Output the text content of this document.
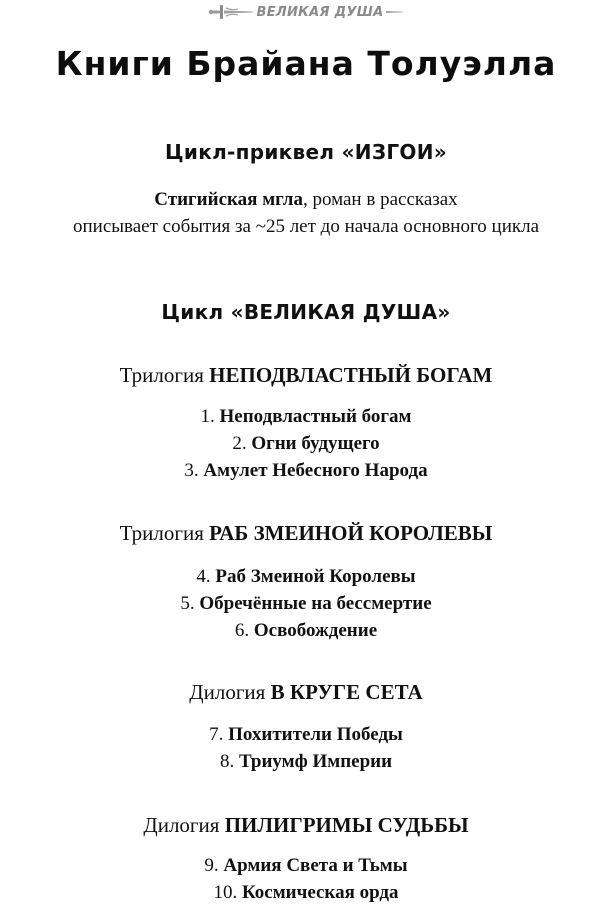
ВЕЛИКАЯ ДУША
Книги Брайана Толуэлла
Цикл-приквел «ИЗГОИ»
Стигийская мгла, роман в рассказах
описывает события за ~25 лет до начала основного цикла
Цикл «ВЕЛИКАЯ ДУША»
Трилогия НЕПОДВЛАСТНЫЙ БОГАМ
1. Неподвластный богам
2. Огни будущего
3. Амулет Небесного Народа
Трилогия РАБ ЗМЕИНОЙ КОРОЛЕВЫ
4. Раб Змеиной Королевы
5. Обречённые на бессмертие
6. Освобождение
Дилогия В КРУГЕ СЕТА
7. Похитители Победы
8. Триумф Империи
Дилогия ПИЛИГРИМЫ СУДЬБЫ
9. Армия Света и Тьмы
10. Космическая орда
